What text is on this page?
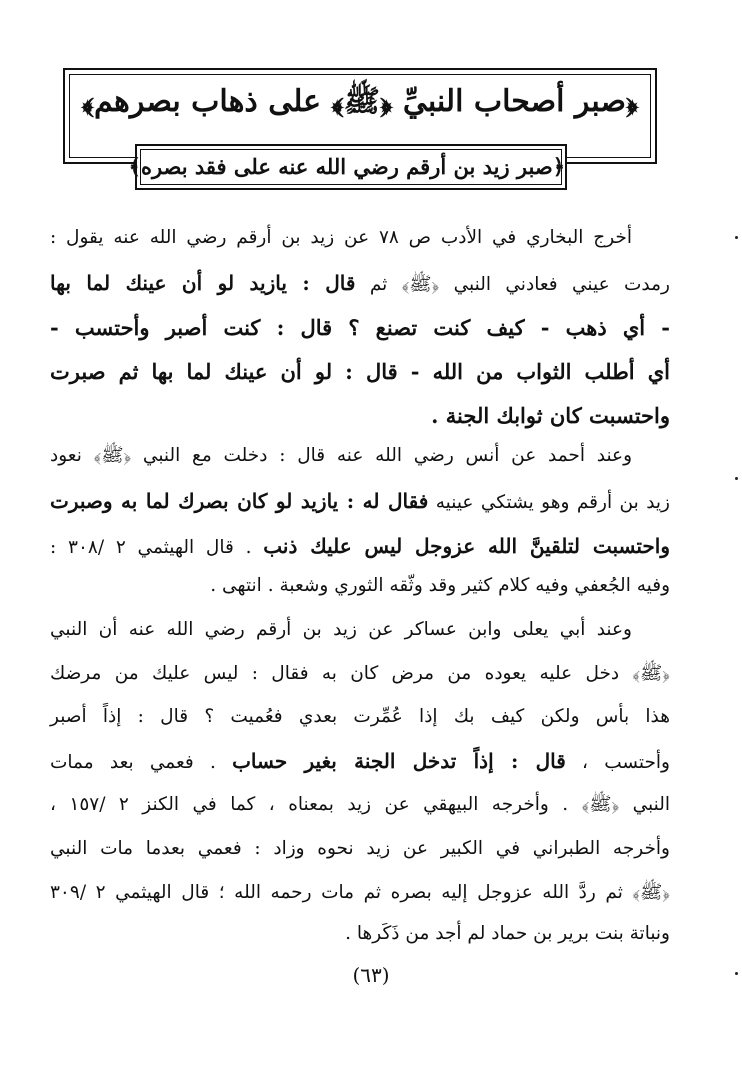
﴿صبر أصحاب النبيِّ ﴿ﷺ﴾ على ذهاب بصرهم﴾
﴿صبر زيد بن أرقم رضي الله عنه على فقد بصره﴾
أخرج البخاري في الأدب ص ٧٨ عن زيد بن أرقم رضي الله عنه يقول :
رمدت عيني فعادني النبي ﴿ﷺ﴾ ثم قال : يازيد لو أن عينك لما بها
- أي ذهب - كيف كنت تصنع ؟ قال : كنت أصبر وأحتسب -
أي أطلب الثواب من الله - قال : لو أن عينك لما بها ثم صبرت
واحتسبت كان ثوابك الجنة .
وعند أحمد عن أنس رضي الله عنه قال : دخلت مع النبي ﴿ﷺ﴾ نعود
زيد بن أرقم وهو يشتكي عينيه فقال له : يازيد لو كان بصرك لما به وصبرت
واحتسبت لتلقينَّ الله عزوجل ليس عليك ذنب . قال الهيثمي ٢ /٣٠٨ :
وفيه الجُعفي وفيه كلام كثير وقد وثّقه الثوري وشعبة . انتهى .
وعند أبي يعلى وابن عساكر عن زيد بن أرقم رضي الله عنه أن النبي
﴿ﷺ﴾ دخل عليه يعوده من مرض كان به فقال : ليس عليك من مرضك
هذا بأس ولكن كيف بك إذا عُمِّرت بعدي فعُميت ؟ قال : إذاً أصبر
وأحتسب ، قال : إذاً تدخل الجنة بغير حساب . فعمي بعد ممات
النبي ﴿ﷺ﴾ . وأخرجه البيهقي عن زيد بمعناه ، كما في الكنز ٢ /١٥٧ ،
وأخرجه الطبراني في الكبير عن زيد نحوه وزاد : فعمي بعدما مات النبي
﴿ﷺ﴾ ثم ردَّ الله عزوجل إليه بصره ثم مات رحمه الله ؛ قال الهيثمي ٢ /٣٠٩
ونباتة بنت برير بن حماد لم أجد من ذَكَرها .
(٦٣)
